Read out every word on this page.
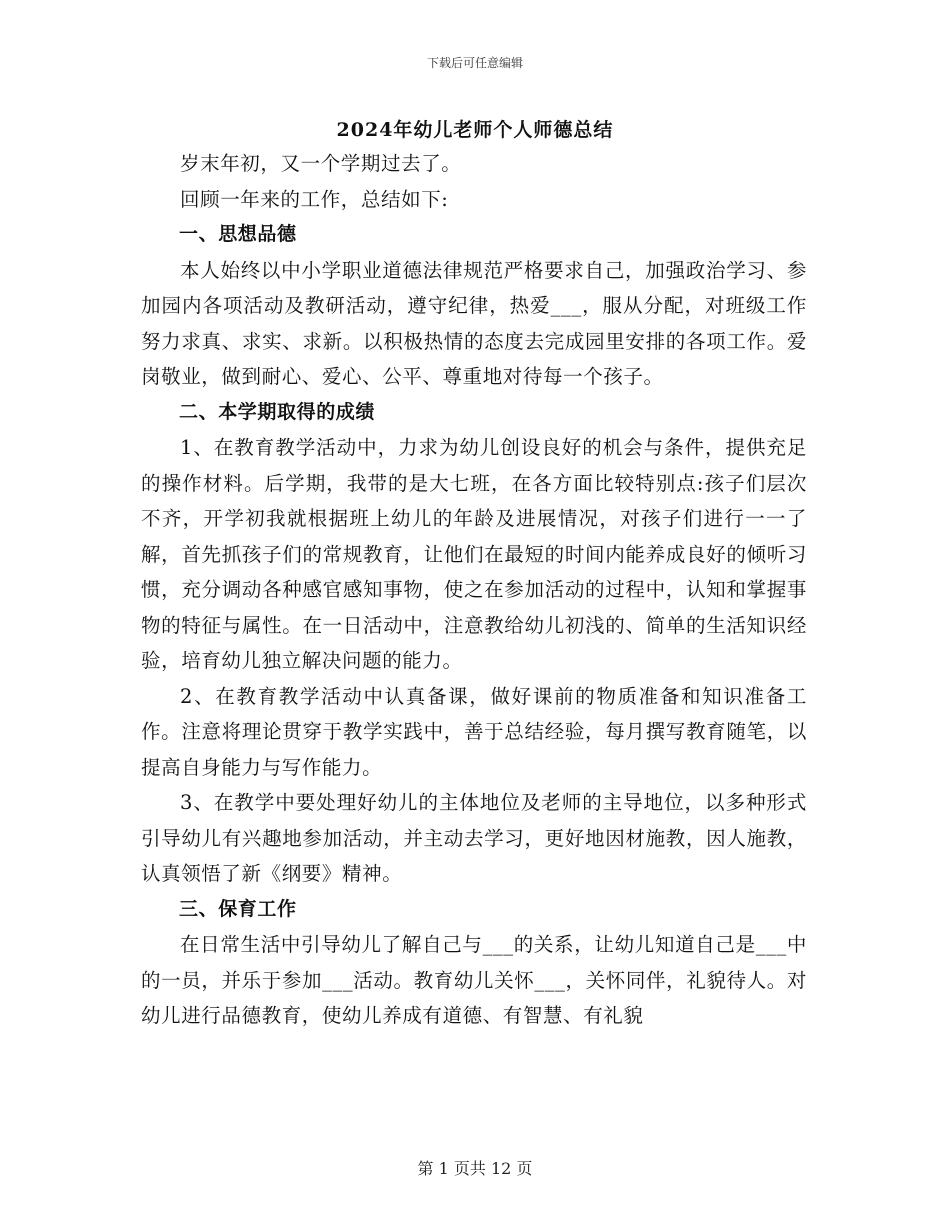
下载后可任意编辑
2024年幼儿老师个人师德总结

岁末年初，又一个学期过去了。

回顾一年来的工作，总结如下:

一、思想品德

本人始终以中小学职业道德法律规范严格要求自己，加强政治学习、参加园内各项活动及教研活动，遵守纪律，热爱___，服从分配，对班级工作努力求真、求实、求新。以积极热情的态度去完成园里安排的各项工作。爱岗敬业，做到耐心、爱心、公平、尊重地对待每一个孩子。

二、本学期取得的成绩

1、在教育教学活动中，力求为幼儿创设良好的机会与条件，提供充足的操作材料。后学期，我带的是大七班，在各方面比较特别点:孩子们层次不齐，开学初我就根据班上幼儿的年龄及进展情况，对孩子们进行一一了解，首先抓孩子们的常规教育，让他们在最短的时间内能养成良好的倾听习惯，充分调动各种感官感知事物，使之在参加活动的过程中，认知和掌握事物的特征与属性。在一日活动中，注意教给幼儿初浅的、简单的生活知识经验，培育幼儿独立解决问题的能力。

2、在教育教学活动中认真备课，做好课前的物质准备和知识准备工作。注意将理论贯穿于教学实践中，善于总结经验，每月撰写教育随笔，以提高自身能力与写作能力。

3、在教学中要处理好幼儿的主体地位及老师的主导地位，以多种形式引导幼儿有兴趣地参加活动，并主动去学习，更好地因材施教，因人施教，认真领悟了新《纲要》精神。

三、保育工作

在日常生活中引导幼儿了解自己与___的关系，让幼儿知道自己是___中的一员，并乐于参加___活动。教育幼儿关怀___，关怀同伴，礼貌待人。对幼儿进行品德教育，使幼儿养成有道德、有智慧、有礼貌

第 1 页共 12 页
